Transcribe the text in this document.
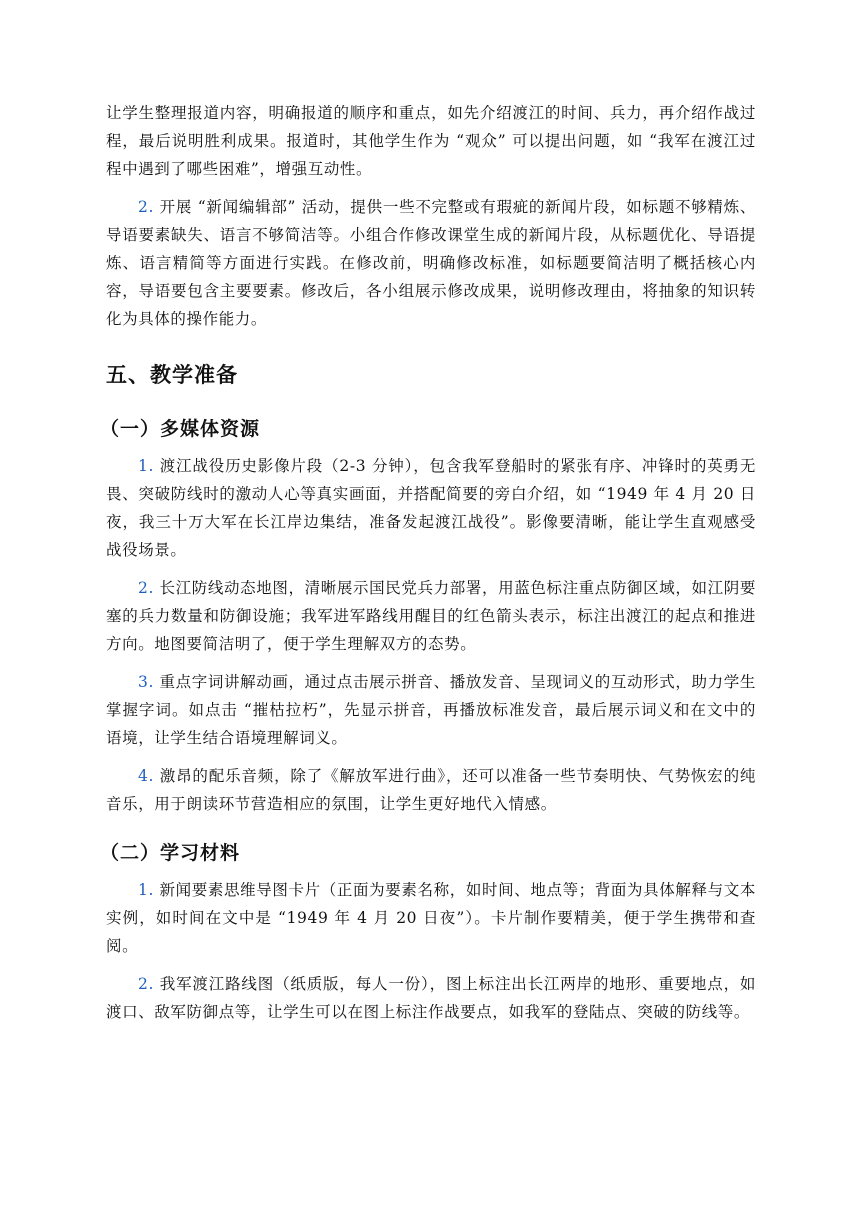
让学生整理报道内容，明确报道的顺序和重点，如先介绍渡江的时间、兵力，再介绍作战过程，最后说明胜利成果。报道时，其他学生作为 “观众” 可以提出问题，如 “我军在渡江过程中遇到了哪些困难”，增强互动性。

2. 开展 “新闻编辑部” 活动，提供一些不完整或有瑕疵的新闻片段，如标题不够精炼、导语要素缺失、语言不够简洁等。小组合作修改课堂生成的新闻片段，从标题优化、导语提炼、语言精简等方面进行实践。在修改前，明确修改标准，如标题要简洁明了概括核心内容，导语要包含主要要素。修改后，各小组展示修改成果，说明修改理由，将抽象的知识转化为具体的操作能力。

五、教学准备
（一）多媒体资源

1. 渡江战役历史影像片段（2-3 分钟），包含我军登船时的紧张有序、冲锋时的英勇无畏、突破防线时的激动人心等真实画面，并搭配简要的旁白介绍，如 “1949 年 4 月 20 日夜，我三十万大军在长江岸边集结，准备发起渡江战役”。影像要清晰，能让学生直观感受战役场景。

2. 长江防线动态地图，清晰展示国民党兵力部署，用蓝色标注重点防御区域，如江阴要塞的兵力数量和防御设施；我军进军路线用醒目的红色箭头表示，标注出渡江的起点和推进方向。地图要简洁明了，便于学生理解双方的态势。

3. 重点字词讲解动画，通过点击展示拼音、播放发音、呈现词义的互动形式，助力学生掌握字词。如点击 “摧枯拉朽”，先显示拼音，再播放标准发音，最后展示词义和在文中的语境，让学生结合语境理解词义。

4. 激昂的配乐音频，除了《解放军进行曲》，还可以准备一些节奏明快、气势恢宏的纯音乐，用于朗读环节营造相应的氛围，让学生更好地代入情感。

（二）学习材料

1. 新闻要素思维导图卡片（正面为要素名称，如时间、地点等；背面为具体解释与文本实例，如时间在文中是 “1949 年 4 月 20 日夜”）。卡片制作要精美，便于学生携带和查阅。

2. 我军渡江路线图（纸质版，每人一份），图上标注出长江两岸的地形、重要地点，如渡口、敌军防御点等，让学生可以在图上标注作战要点，如我军的登陆点、突破的防线等。
